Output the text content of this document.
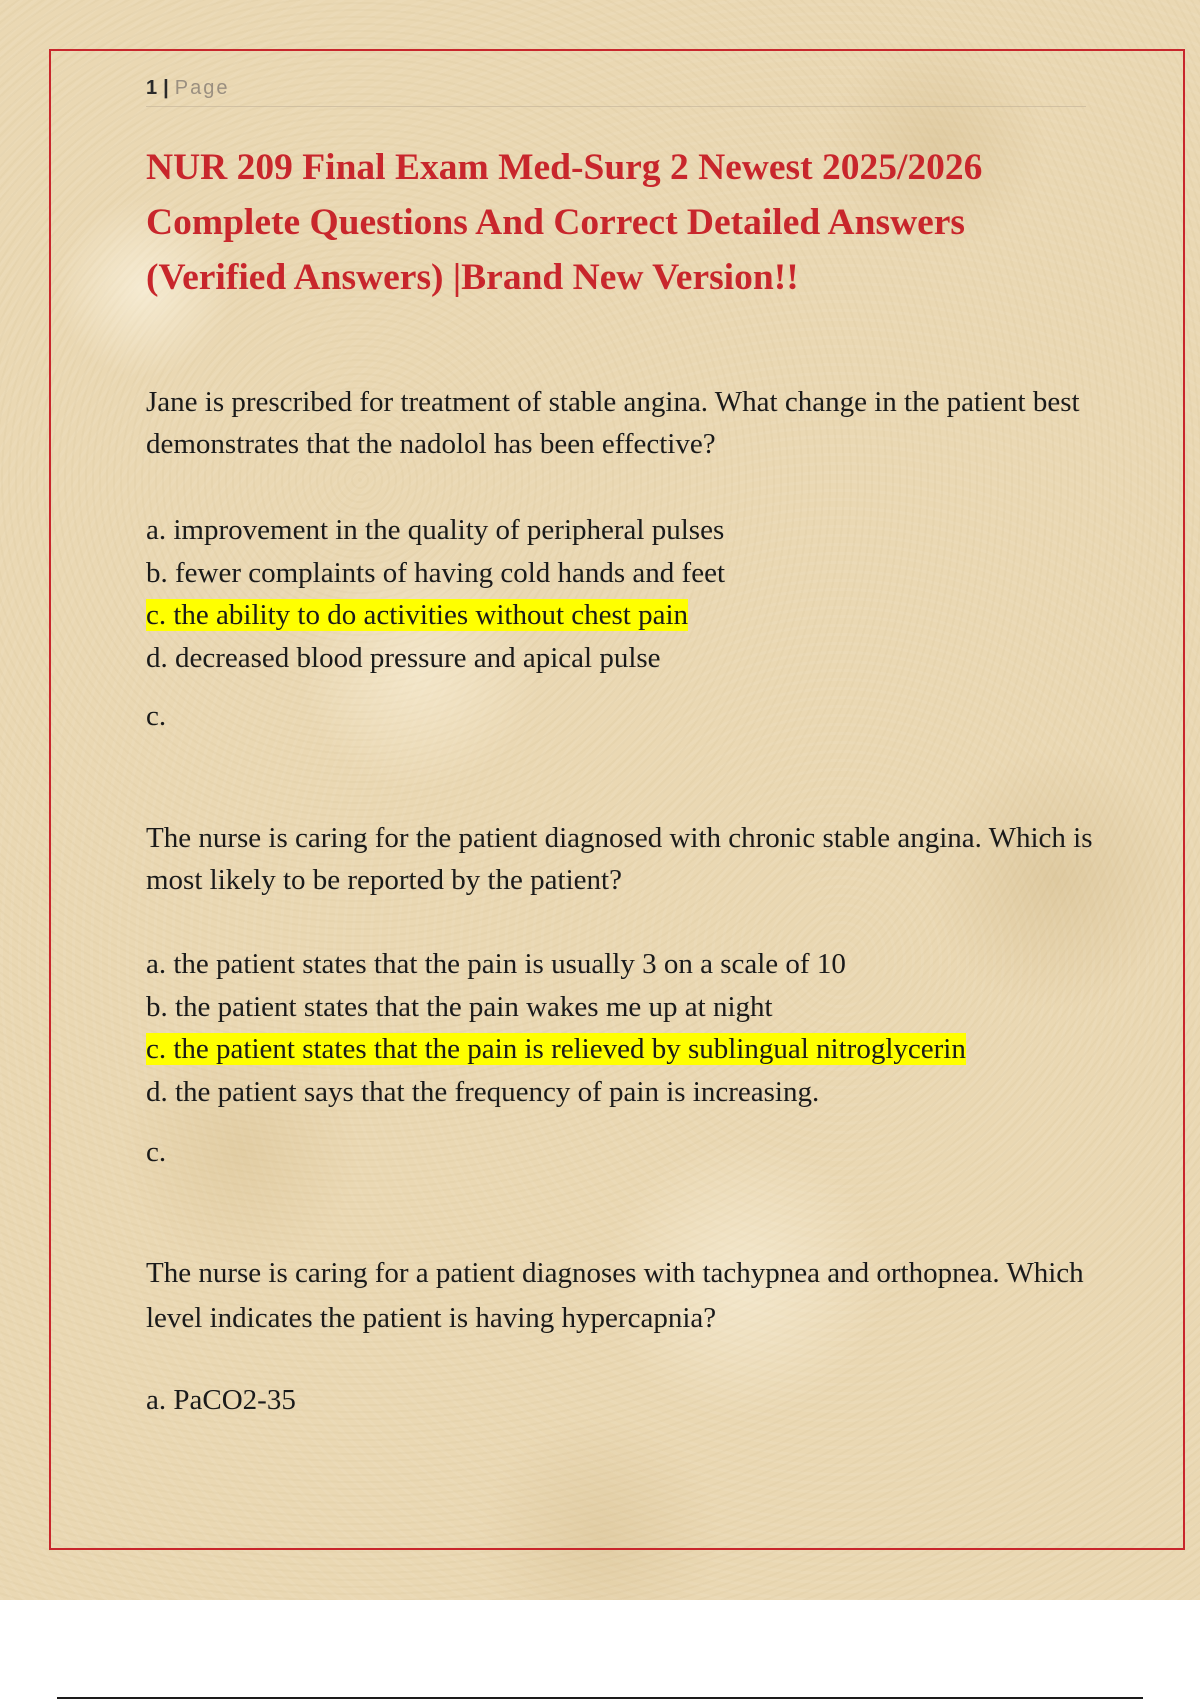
1 | Page
NUR 209 Final Exam Med-Surg 2 Newest 2025/2026 Complete Questions And Correct Detailed Answers (Verified Answers) |Brand New Version!!

Jane is prescribed for treatment of stable angina. What change in the patient best demonstrates that the nadolol has been effective?

a. improvement in the quality of peripheral pulses
b. fewer complaints of having cold hands and feet
c. the ability to do activities without chest pain
d. decreased blood pressure and apical pulse

c.

The nurse is caring for the patient diagnosed with chronic stable angina. Which is most likely to be reported by the patient?

a. the patient states that the pain is usually 3 on a scale of 10
b. the patient states that the pain wakes me up at night
c. the patient states that the pain is relieved by sublingual nitroglycerin
d. the patient says that the frequency of pain is increasing.

c.

The nurse is caring for a patient diagnoses with tachypnea and orthopnea. Which level indicates the patient is having hypercapnia?

a. PaCO2-35
